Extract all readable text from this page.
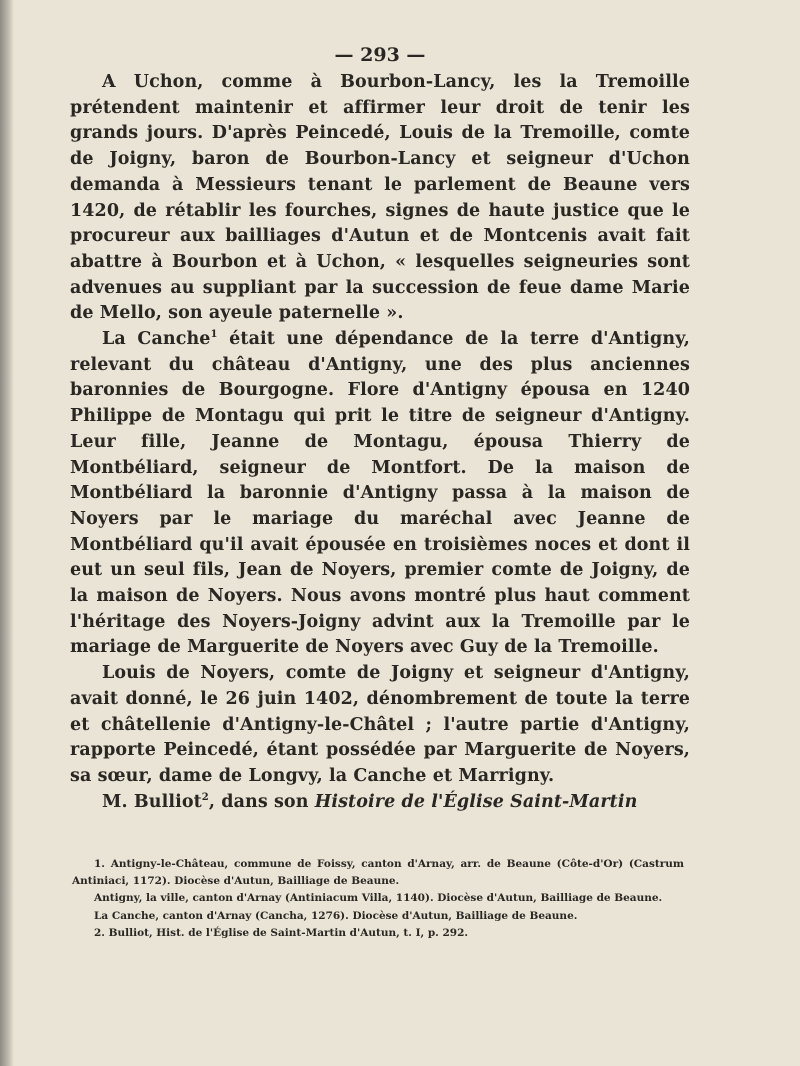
— 293 —

A Uchon, comme à Bourbon-Lancy, les la Tremoille prétendent maintenir et affirmer leur droit de tenir les grands jours. D'après Peincedé, Louis de la Tremoille, comte de Joigny, baron de Bourbon-Lancy et seigneur d'Uchon demanda à Messieurs tenant le parlement de Beaune vers 1420, de rétablir les fourches, signes de haute justice que le procureur aux bailliages d'Autun et de Montcenis avait fait abattre à Bourbon et à Uchon, « lesquelles seigneuries sont advenues au suppliant par la succession de feue dame Marie de Mello, son ayeule paternelle ».

La Canche$^1$ était une dépendance de la terre d'Antigny, relevant du château d'Antigny, une des plus anciennes baronnies de Bourgogne. Flore d'Antigny épousa en 1240 Philippe de Montagu qui prit le titre de seigneur d'Antigny. Leur fille, Jeanne de Montagu, épousa Thierry de Montbéliard, seigneur de Montfort. De la maison de Montbéliard la baronnie d'Antigny passa à la maison de Noyers par le mariage du maréchal avec Jeanne de Montbéliard qu'il avait épousée en troisièmes noces et dont il eut un seul fils, Jean de Noyers, premier comte de Joigny, de la maison de Noyers. Nous avons montré plus haut comment l'héritage des Noyers-Joigny advint aux la Tremoille par le mariage de Marguerite de Noyers avec Guy de la Tremoille.

Louis de Noyers, comte de Joigny et seigneur d'Antigny, avait donné, le 26 juin 1402, dénombrement de toute la terre et châtellenie d'Antigny-le-Châtel ; l'autre partie d'Antigny, rapporte Peincedé, étant possédée par Marguerite de Noyers, sa sœur, dame de Longvy, la Canche et Marrigny.

M. Bulliot$^2$, dans son Histoire de l'Église Saint-Martin

1. Antigny-le-Château, commune de Foissy, canton d'Arnay, arr. de Beaune (Côte-d'Or) (Castrum Antiniaci, 1172). Diocèse d'Autun, Bailliage de Beaune.

Antigny, la ville, canton d'Arnay (Antiniacum Villa, 1140). Diocèse d'Autun, Bailliage de Beaune.

La Canche, canton d'Arnay (Cancha, 1276). Diocèse d'Autun, Bailliage de Beaune.

2. Bulliot, Hist. de l'Église de Saint-Martin d'Autun, t. I, p. 292.
